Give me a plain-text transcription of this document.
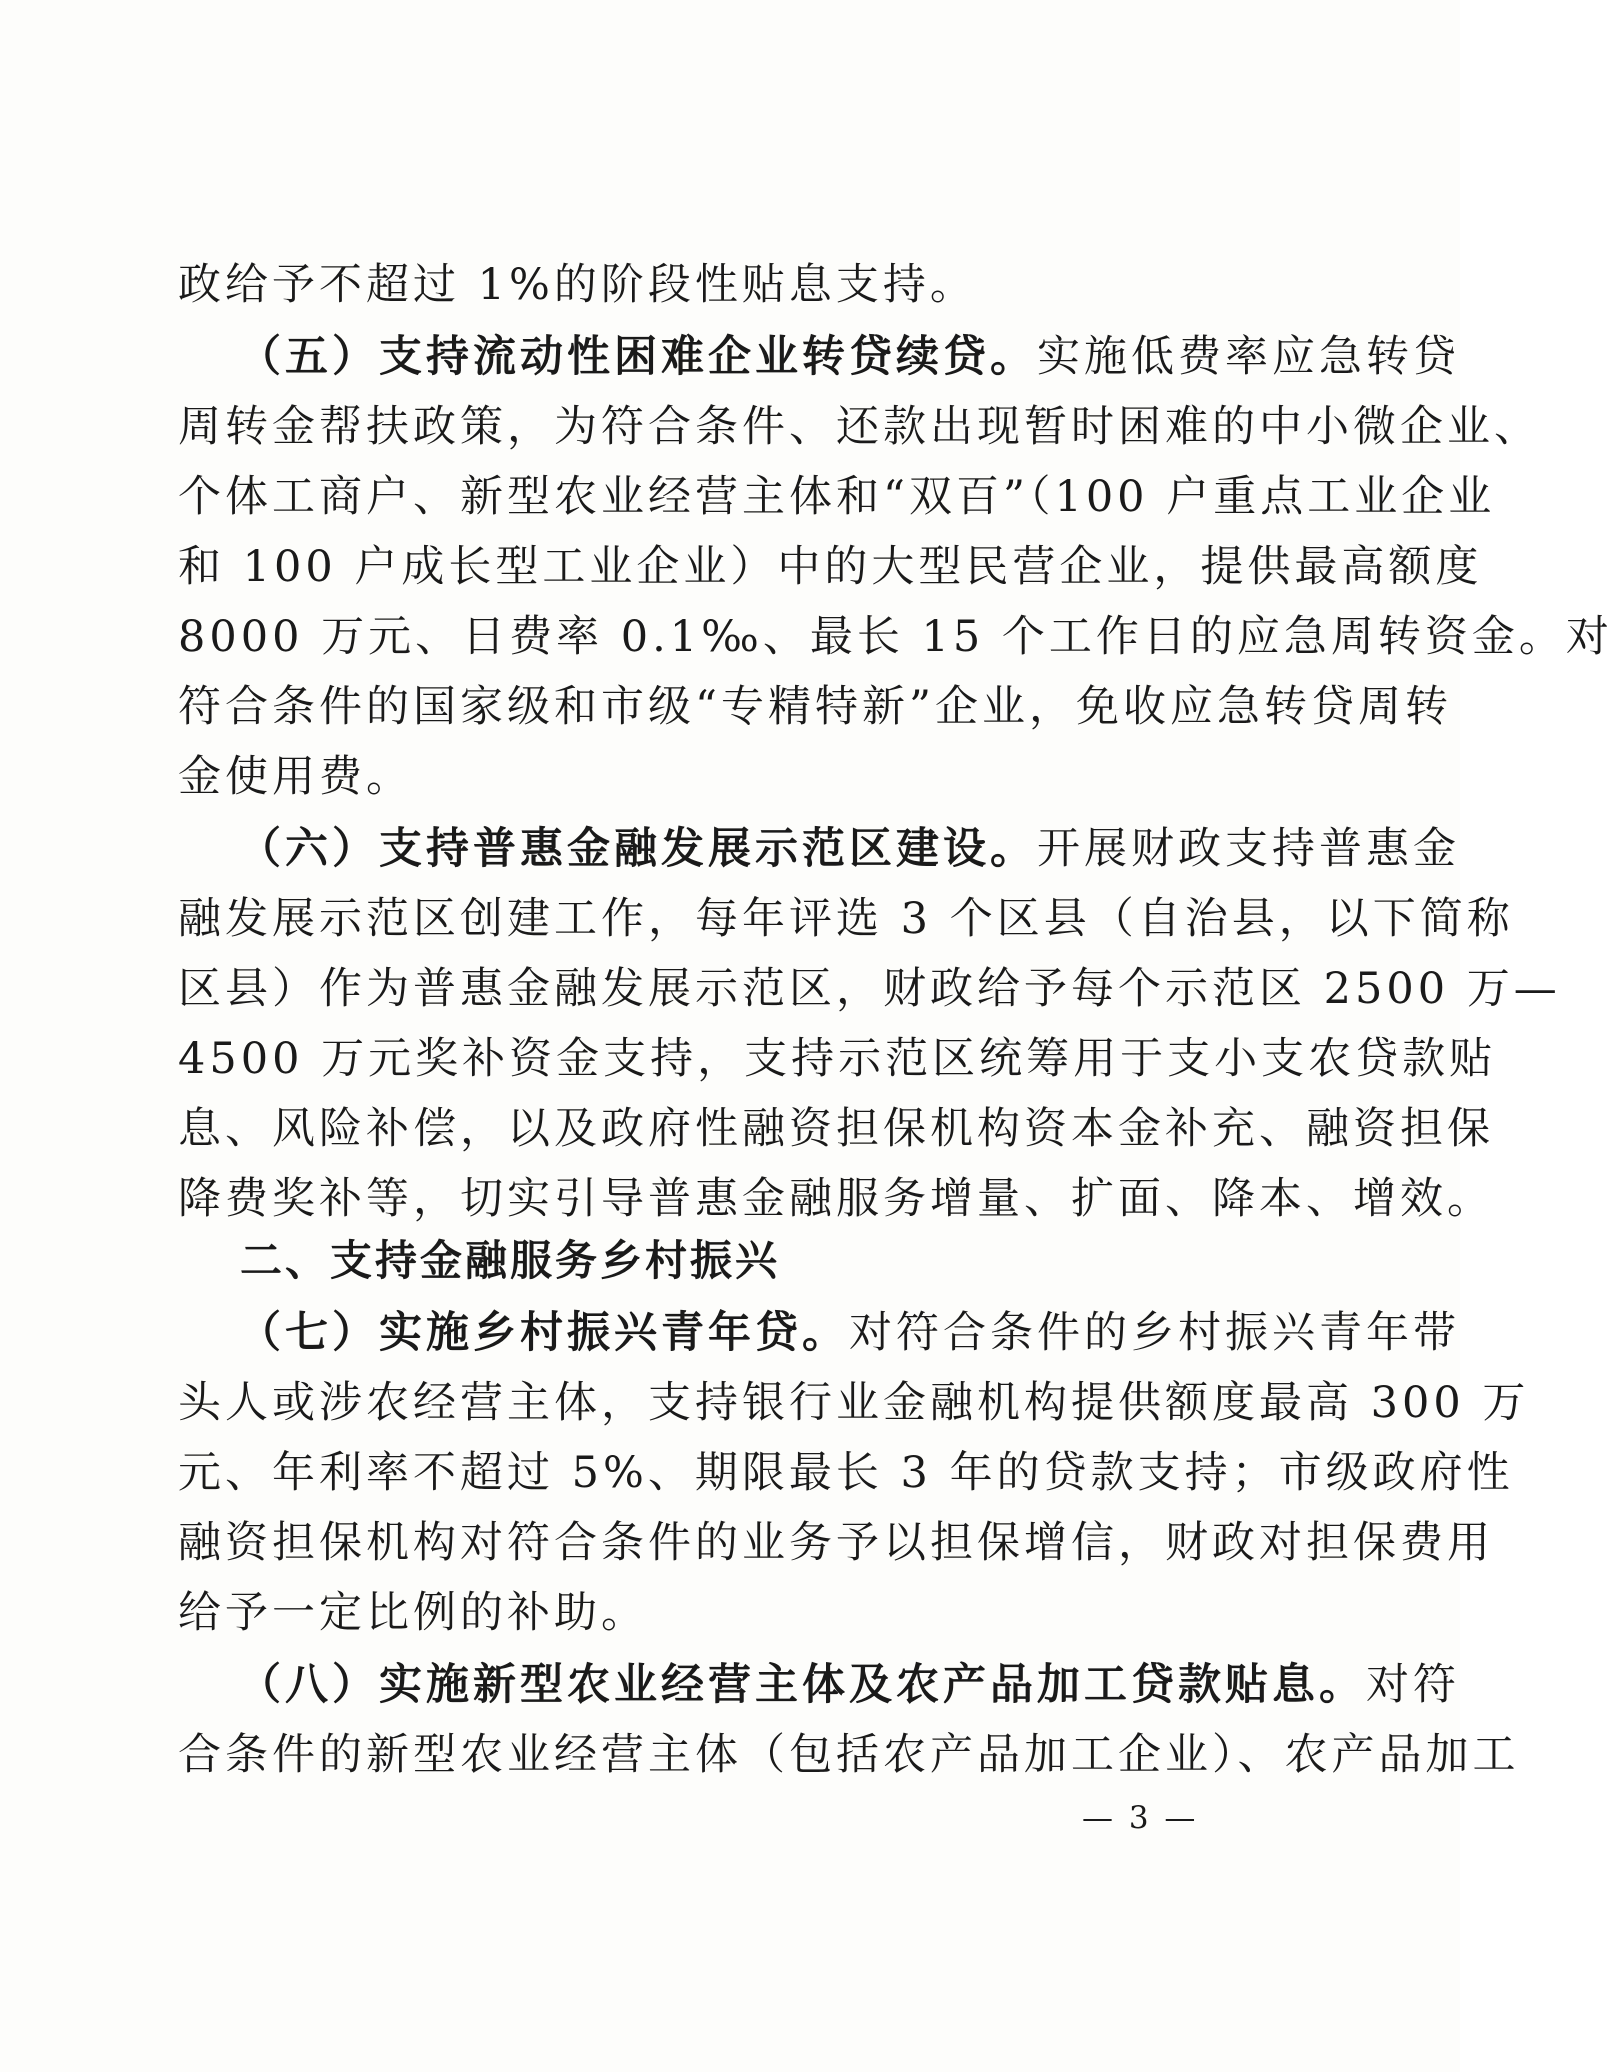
政给予不超过 1%的阶段性贴息支持。
（五）支持流动性困难企业转贷续贷。实施低费率应急转贷
周转金帮扶政策，为符合条件、还款出现暂时困难的中小微企业、
个体工商户、新型农业经营主体和“双百”（100 户重点工业企业
和 100 户成长型工业企业）中的大型民营企业，提供最高额度
8000 万元、日费率 0.1‰、最长 15 个工作日的应急周转资金。对
符合条件的国家级和市级“专精特新”企业，免收应急转贷周转
金使用费。
（六）支持普惠金融发展示范区建设。开展财政支持普惠金
融发展示范区创建工作，每年评选 3 个区县（自治县，以下简称
区县）作为普惠金融发展示范区，财政给予每个示范区 2500 万—
4500 万元奖补资金支持，支持示范区统筹用于支小支农贷款贴
息、风险补偿，以及政府性融资担保机构资本金补充、融资担保
降费奖补等，切实引导普惠金融服务增量、扩面、降本、增效。
二、支持金融服务乡村振兴
（七）实施乡村振兴青年贷。对符合条件的乡村振兴青年带
头人或涉农经营主体，支持银行业金融机构提供额度最高 300 万
元、年利率不超过 5%、期限最长 3 年的贷款支持；市级政府性
融资担保机构对符合条件的业务予以担保增信，财政对担保费用
给予一定比例的补助。
（八）实施新型农业经营主体及农产品加工贷款贴息。对符
合条件的新型农业经营主体（包括农产品加工企业）、农产品加工
— 3 —
